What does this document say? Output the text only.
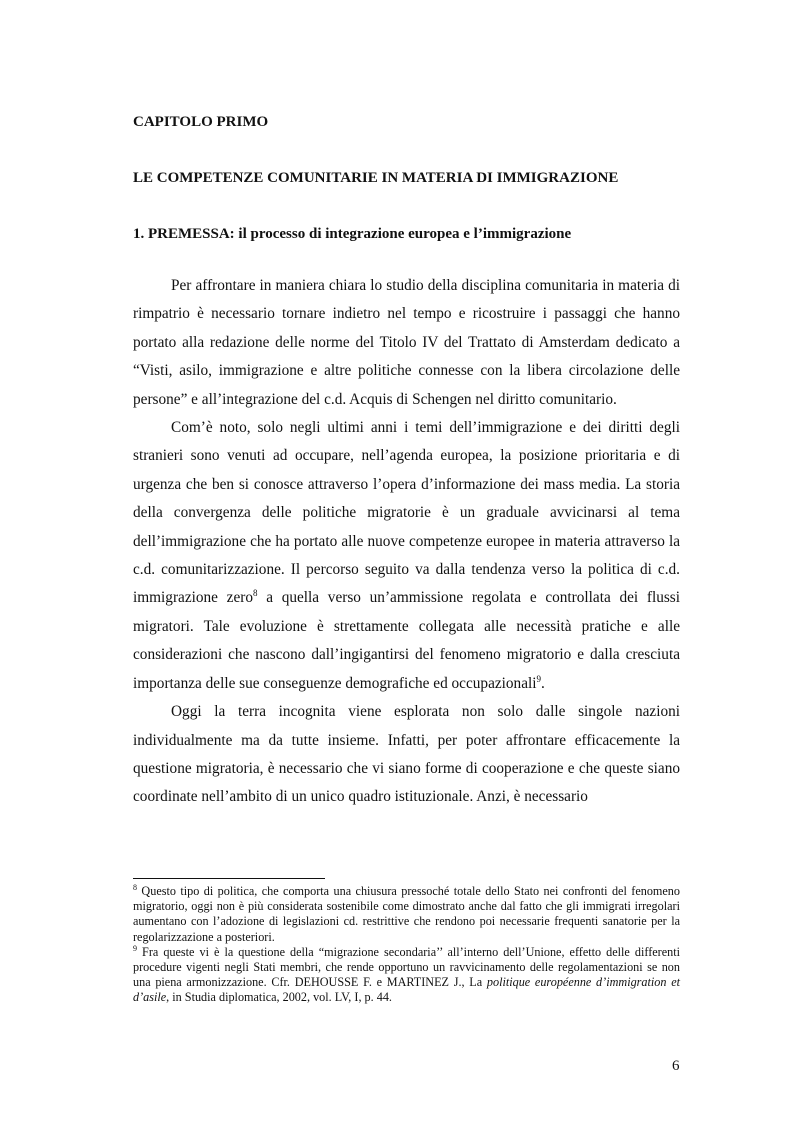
CAPITOLO PRIMO
LE COMPETENZE COMUNITARIE IN MATERIA DI IMMIGRAZIONE
1. PREMESSA: il processo di integrazione europea e l’immigrazione

Per affrontare in maniera chiara lo studio della disciplina comunitaria in materia di rimpatrio è necessario tornare indietro nel tempo e ricostruire i passaggi che hanno portato alla redazione delle norme del Titolo IV del Trattato di Amsterdam dedicato a “Visti, asilo, immigrazione e altre politiche connesse con la libera circolazione delle persone” e all’integrazione del c.d. Acquis di Schengen nel diritto comunitario.

Com’è noto, solo negli ultimi anni i temi dell’immigrazione e dei diritti degli stranieri sono venuti ad occupare, nell’agenda europea, la posizione prioritaria e di urgenza che ben si conosce attraverso l’opera d’informazione dei mass media. La storia della convergenza delle politiche migratorie è un graduale avvicinarsi al tema dell’immigrazione che ha portato alle nuove competenze europee in materia attraverso la c.d. comunitarizzazione. Il percorso seguito va dalla tendenza verso la politica di c.d. immigrazione zero$^8$ a quella verso un’ammissione regolata e controllata dei flussi migratori. Tale evoluzione è strettamente collegata alle necessità pratiche e alle considerazioni che nascono dall’ingigantirsi del fenomeno migratorio e dalla cresciuta importanza delle sue conseguenze demografiche ed occupazionali$^9$.

Oggi la terra incognita viene esplorata non solo dalle singole nazioni individualmente ma da tutte insieme. Infatti, per poter affrontare efficacemente la questione migratoria, è necessario che vi siano forme di cooperazione e che queste siano coordinate nell’ambito di un unico quadro istituzionale. Anzi, è necessario

$^8$ Questo tipo di politica, che comporta una chiusura pressoché totale dello Stato nei confronti del fenomeno migratorio, oggi non è più considerata sostenibile come dimostrato anche dal fatto che gli immigrati irregolari aumentano con l’adozione di legislazioni cd. restrittive che rendono poi necessarie frequenti sanatorie per la regolarizzazione a posteriori.

$^9$ Fra queste vi è la questione della “migrazione secondaria’’ all’interno dell’Unione, effetto delle differenti procedure vigenti negli Stati membri, che rende opportuno un ravvicinamento delle regolamentazioni se non una piena armonizzazione. Cfr. DEHOUSSE F. e MARTINEZ J., La politique européenne d’immigration et d’asile, in Studia diplomatica, 2002, vol. LV, I, p. 44.

6
